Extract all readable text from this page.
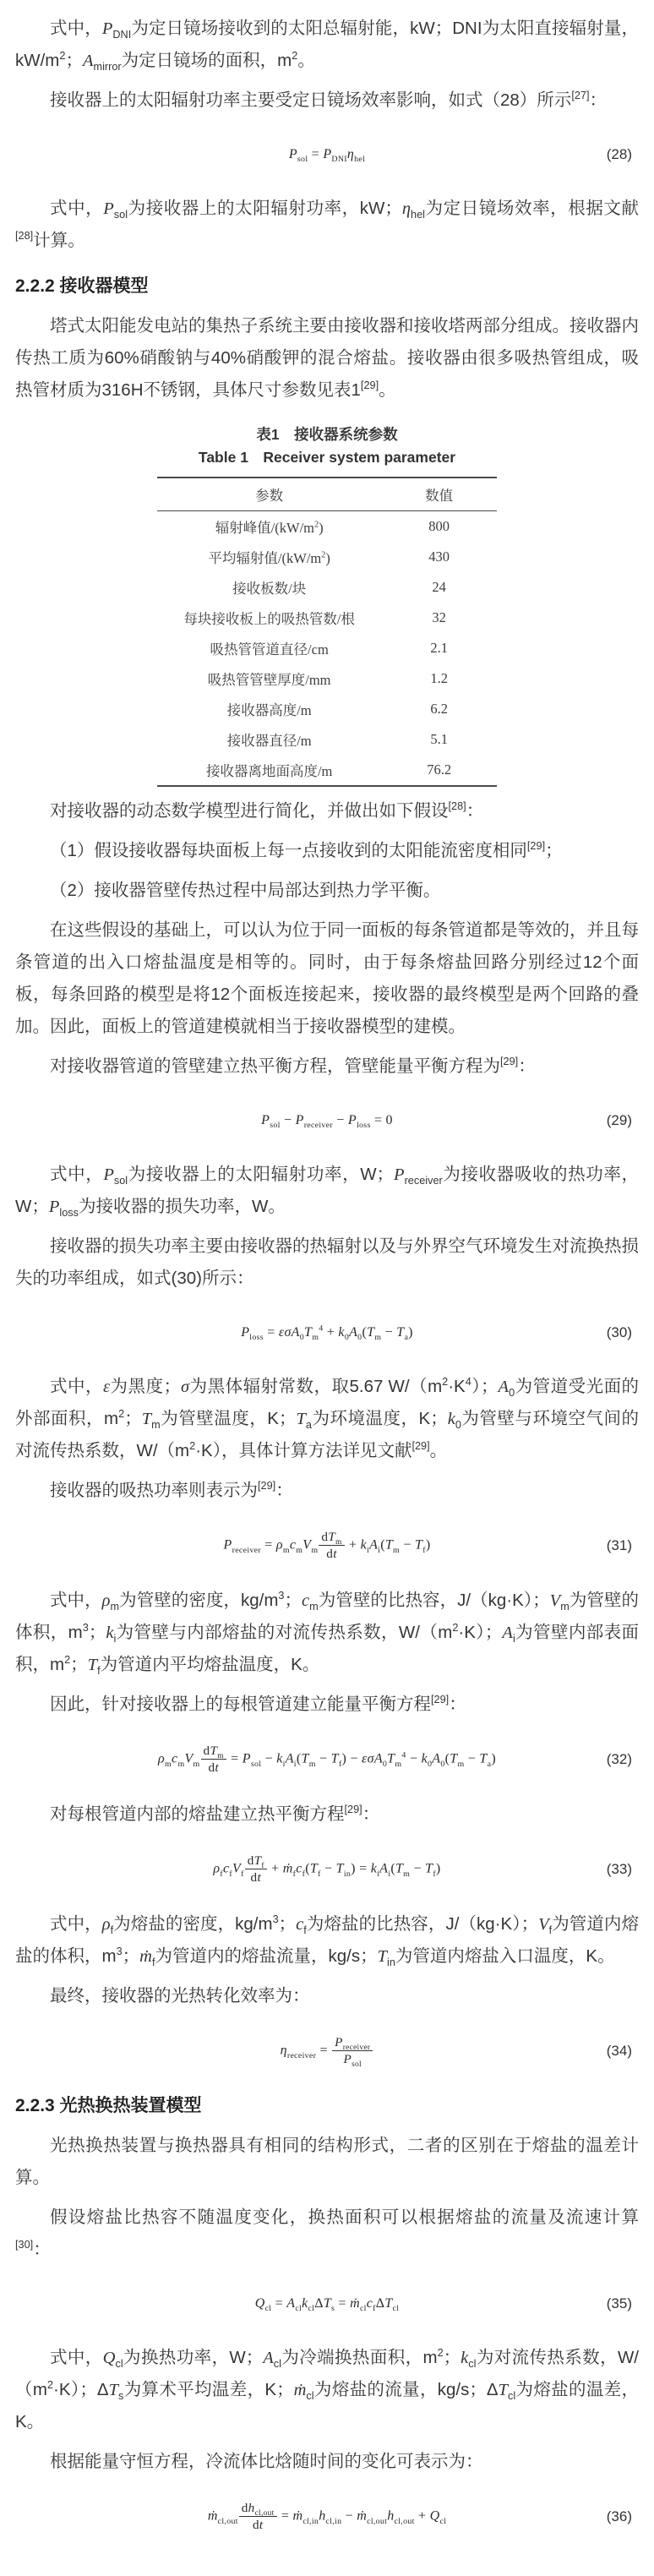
式中，$P_{DNI}$为定日镜场接收到的太阳总辐射能，kW；DNI为太阳直接辐射量，$kW/m^2$；$A_{mirror}$为定日镜场的面积，$m^2$。

接收器上的太阳辐射功率主要受定日镜场效率影响，如式（28）所示[27]：

$P_{sol} = P_{DNI}\eta_{hel}$	(28)

式中，$P_{sol}$为接收器上的太阳辐射功率，kW；$\eta_{hel}$为定日镜场效率，根据文献[28]计算。

2.2.2 接收器模型

塔式太阳能发电站的集热子系统主要由接收器和接收塔两部分组成。接收器内传热工质为60%硝酸钠与40%硝酸钾的混合熔盐。接收器由很多吸热管组成，吸热管材质为316H不锈钢，具体尺寸参数见表1[29]。

表1　接收器系统参数
Table 1　Receiver system parameter
参数	数值
辐射峰值$/(kW/m^2)$	800
平均辐射值$/(kW/m^2)$	430
接收板数/块	24
每块接收板上的吸热管数/根	32
吸热管管道直径/cm	2.1
吸热管管壁厚度/mm	1.2
接收器高度/m	6.2
接收器直径/m	5.1
接收器离地面高度/m	76.2

对接收器的动态数学模型进行简化，并做出如下假设[28]：

（1）假设接收器每块面板上每一点接收到的太阳能流密度相同[29]；

（2）接收器管壁传热过程中局部达到热力学平衡。

在这些假设的基础上，可以认为位于同一面板的每条管道都是等效的，并且每条管道的出入口熔盐温度是相等的。同时，由于每条熔盐回路分别经过12个面板，每条回路的模型是将12个面板连接起来，接收器的最终模型是两个回路的叠加。因此，面板上的管道建模就相当于接收器模型的建模。

对接收器管道的管壁建立热平衡方程，管壁能量平衡方程为[29]：

$P_{sol} - P_{receiver} - P_{loss} = 0$	(29)

式中，$P_{sol}$为接收器上的太阳辐射功率，W；$P_{receiver}$为接收器吸收的热功率，W；$P_{loss}$为接收器的损失功率，W。

接收器的损失功率主要由接收器的热辐射以及与外界空气环境发生对流换热损失的功率组成，如式(30)所示：

$P_{loss} = \varepsilon\sigma A_0T_m^4 + k_0A_0(T_m - T_a)$	(30)

式中，ε为黑度；σ为黑体辐射常数，取5.67 $W/(m^2\cdot K^4)$；$A_0$为管道受光面的外部面积，$m^2$；$T_m$为管壁温度，K；$T_a$为环境温度，K；$k_0$为管壁与环境空气间的对流传热系数，$W/(m^2\cdot K)$，具体计算方法详见文献[29]。

接收器的吸热功率则表示为[29]：

$P_{receiver} = \rho_mc_mV_m \frac{dT_m}{dt} + k_iA_i(T_m - T_f)$	(31)

式中，$\rho_m$为管壁的密度，$kg/m^3$；$c_m$为管壁的比热容，J/（kg·K）；$V_m$为管壁的体积，$m^3$；$k_i$为管壁与内部熔盐的对流传热系数，$W/(m^2\cdot K)$；$A_i$为管壁内部表面积，$m^2$；$T_f$为管道内平均熔盐温度，K。

因此，针对接收器上的每根管道建立能量平衡方程[29]：

$\rho_mc_mV_m \frac{dT_m}{dt} = P_{sol} - k_iA_i(T_m - T_f) - \varepsilon\sigma A_0T_m^4 - k_0A_0(T_m - T_a)$	(32)

对每根管道内部的熔盐建立热平衡方程[29]：

$\rho_fc_fV_f \frac{dT_f}{dt}$ + $ṁ_fc_f(T_f - T_{in}) = k_iA_i(T_m - T_f)$	(33)

式中，$\rho_f$为熔盐的密度，$kg/m^3$；$c_f$为熔盐的比热容，J/（kg·K）；$V_f$为管道内熔盐的体积，$m^3$；ṁ$_f$为管道内的熔盐流量，kg/s；$T_{in}$为管道内熔盐入口温度，K。

最终，接收器的光热转化效率为：

$\eta_{receiver} = \frac{P_{receiver}}{P_{sol}}$	(34)
2.2.3 光热换热装置模型

光热换热装置与换热器具有相同的结构形式，二者的区别在于熔盐的温差计算。

假设熔盐比热容不随温度变化，换热面积可以根据熔盐的流量及流速计算[30]：

$Q_{cl} = A_{cl}k_{cl}\Delta T_s$ = $ṁ_{cl}c_f\Delta T_{cl}$	(35)

式中，$Q_{cl}$为换热功率，W；$A_{cl}$为冷端换热面积，$m^2$；$k_{cl}$为对流传热系数，$W/(m^2\cdot K)$；$\Delta T_s$为算术平均温差，K；ṁ$_{cl}$为熔盐的流量，kg/s；$\Delta T_{cl}$为熔盐的温差，K。

根据能量守恒方程，冷流体比焓随时间的变化可表示为：

ṁ$_{cl,out}$ $\frac{dh_{cl,out}}{dt}$ = $ṁ_{cl,in}h_{cl,in}$ − $ṁ_{cl,out}h_{cl,out} + Q_{cl}$	(36)
